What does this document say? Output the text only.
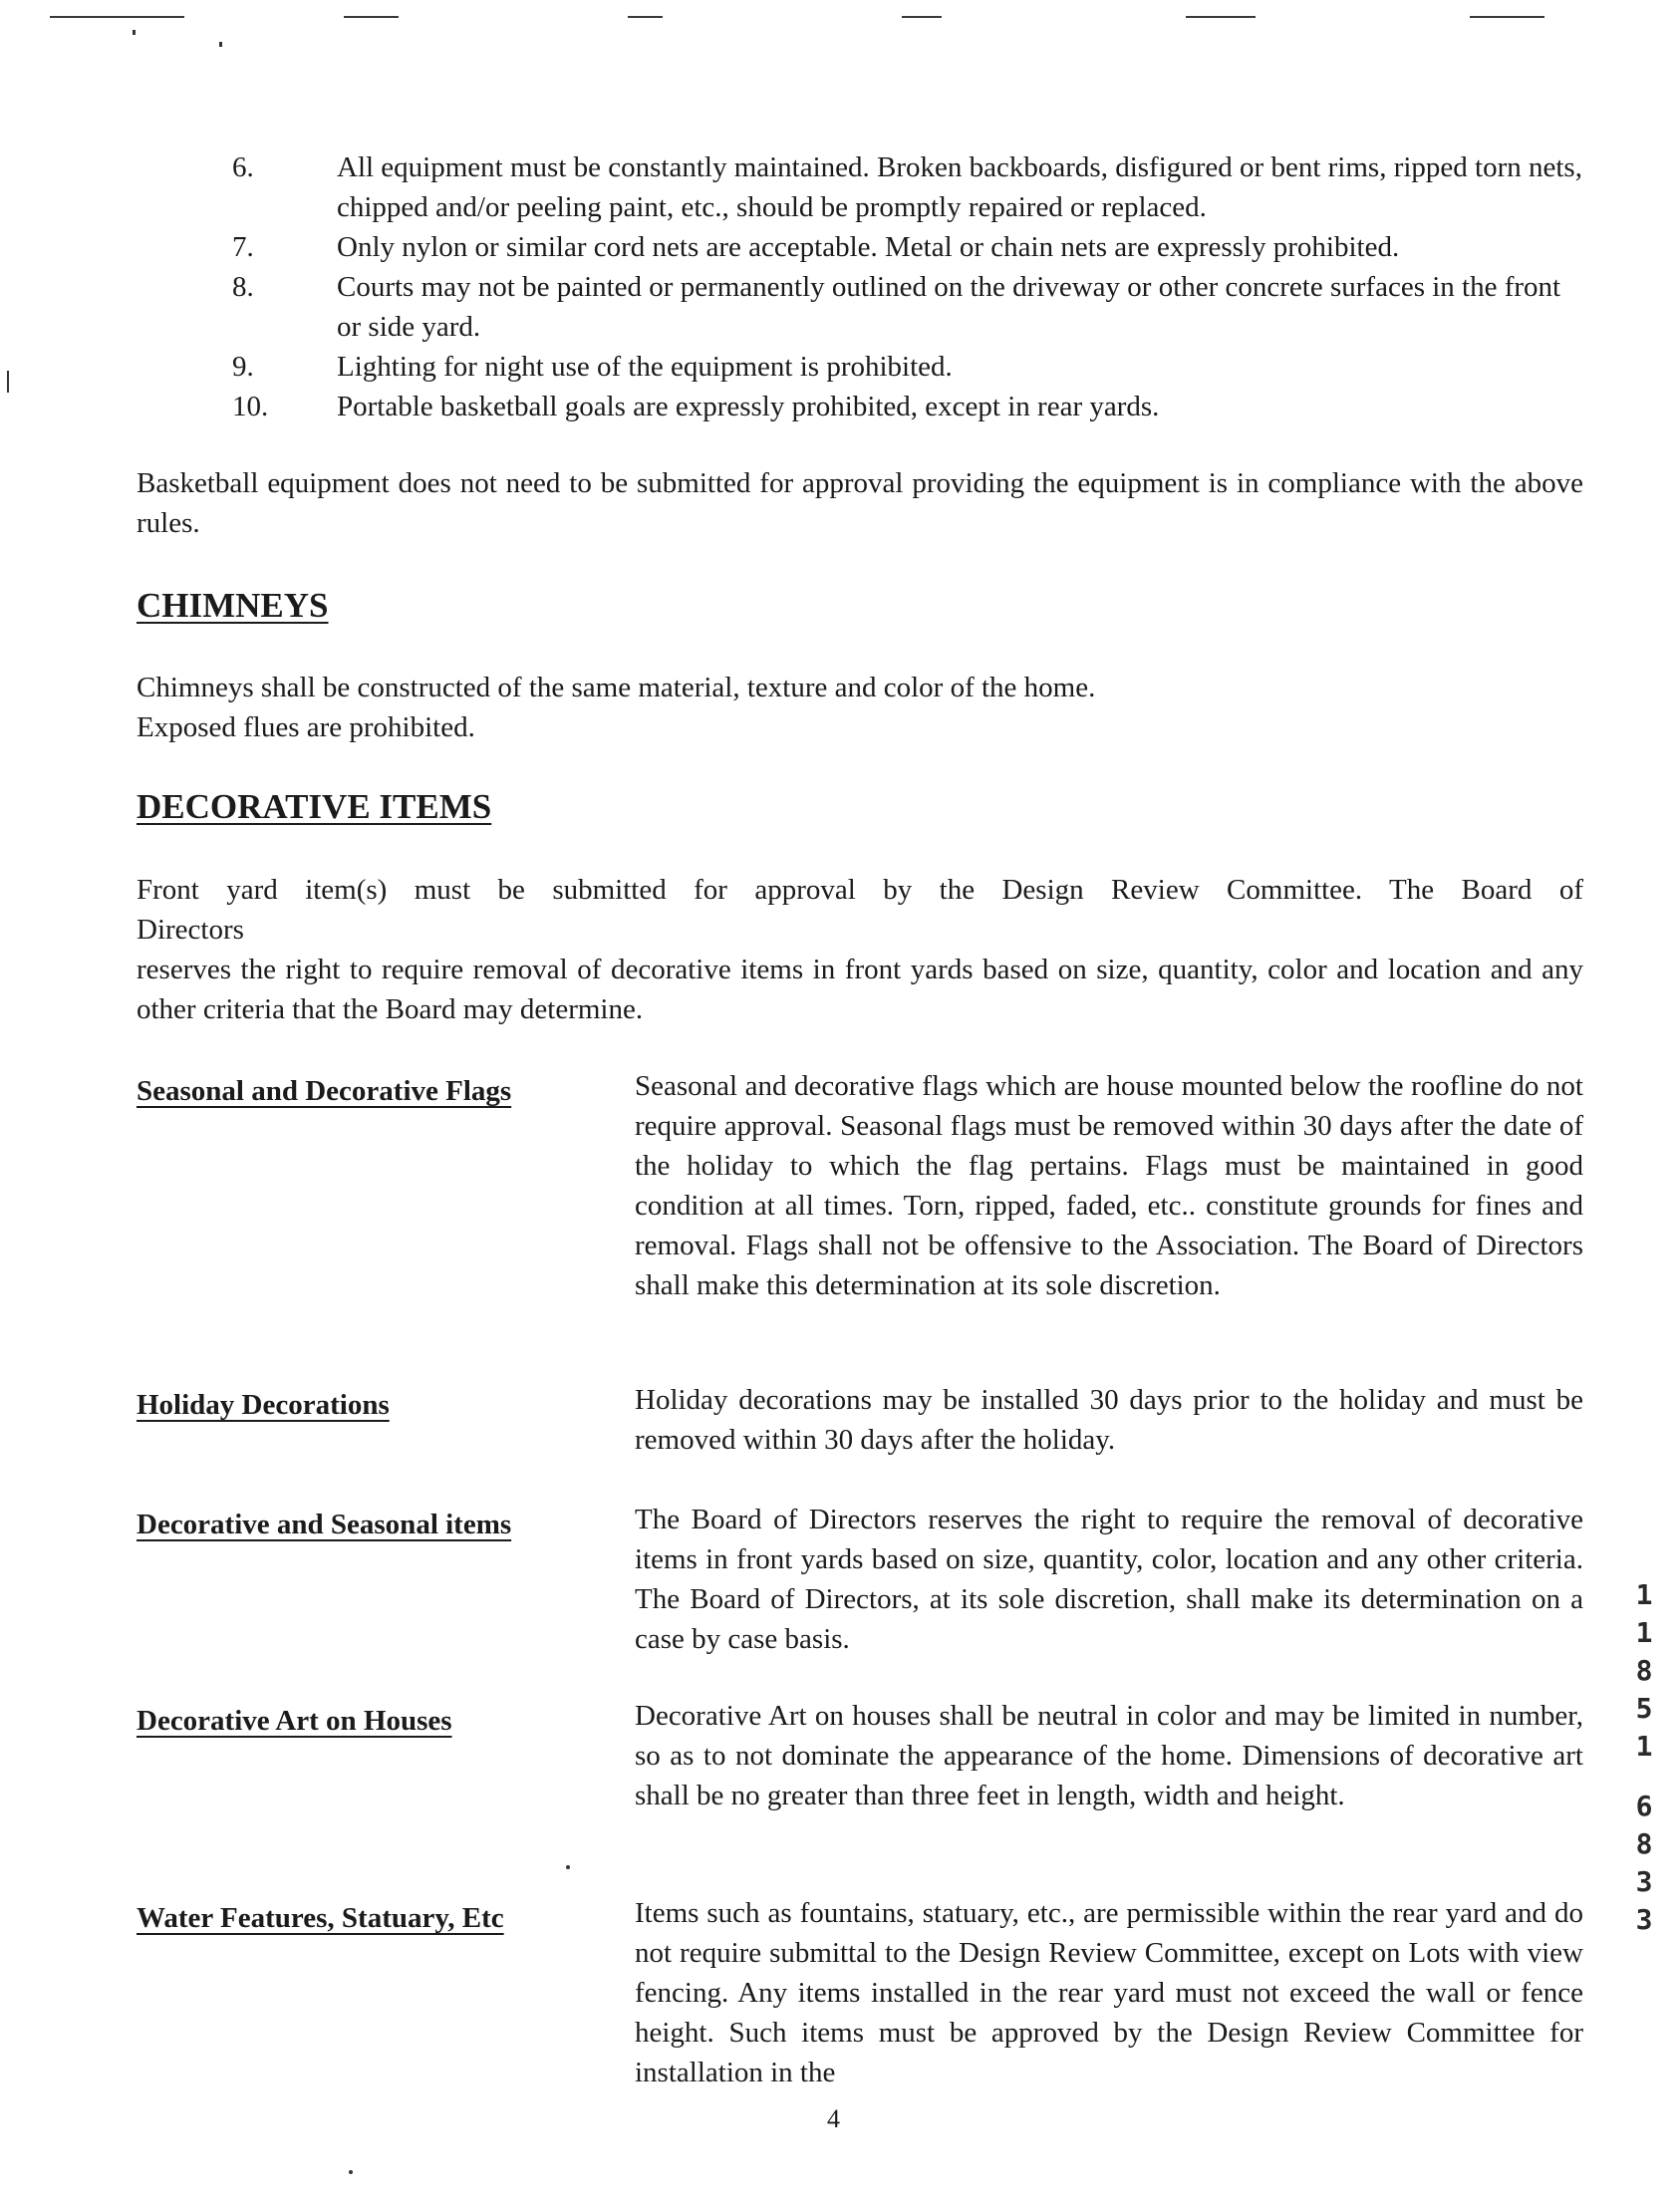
6.	All equipment must be constantly maintained. Broken backboards, disfigured or bent rims, ripped torn nets, chipped and/or peeling paint, etc., should be promptly repaired or replaced.
7.	Only nylon or similar cord nets are acceptable. Metal or chain nets are expressly prohibited.
8.	Courts may not be painted or permanently outlined on the driveway or other concrete surfaces in the front or side yard.
9.	Lighting for night use of the equipment is prohibited.
10.	Portable basketball goals are expressly prohibited, except in rear yards.
Basketball equipment does not need to be submitted for approval providing the equipment is in compliance with the above rules.
CHIMNEYS

Chimneys shall be constructed of the same material, texture and color of the home.

Exposed flues are prohibited.

DECORATIVE ITEMS

Front yard item(s) must be submitted for approval by the Design Review Committee. The Board of

Directors

reserves the right to require removal of decorative items in front yards based on size, quantity, color and location and any other criteria that the Board may determine.

Seasonal and Decorative Flags	Seasonal and decorative flags which are house mounted below the roofline do not require approval. Seasonal flags must be removed within 30 days after the date of the holiday to which the flag pertains. Flags must be maintained in good condition at all times. Torn, ripped, faded, etc.. constitute grounds for fines and removal. Flags shall not be offensive to the Association. The Board of Directors shall make this determination at its sole discretion.
Holiday Decorations	Holiday decorations may be installed 30 days prior to the holiday and must be removed within 30 days after the holiday.
Decorative and Seasonal items	The Board of Directors reserves the right to require the removal of decorative items in front yards based on size, quantity, color, location and any other criteria. The Board of Directors, at its sole discretion, shall make its determination on a case by case basis.
Decorative Art on Houses	Decorative Art on houses shall be neutral in color and may be limited in number, so as to not dominate the appearance of the home. Dimensions of decorative art shall be no greater than three feet in length, width and height.
Water Features, Statuary, Etc	Items such as fountains, statuary, etc., are permissible within the rear yard and do not require submittal to the Design Review Committee, except on Lots with view fencing. Any items installed in the rear yard must not exceed the wall or fence height. Such items must be approved by the Design Review Committee for installation in the
4
1
1
8
5
1
6
8
3
3
